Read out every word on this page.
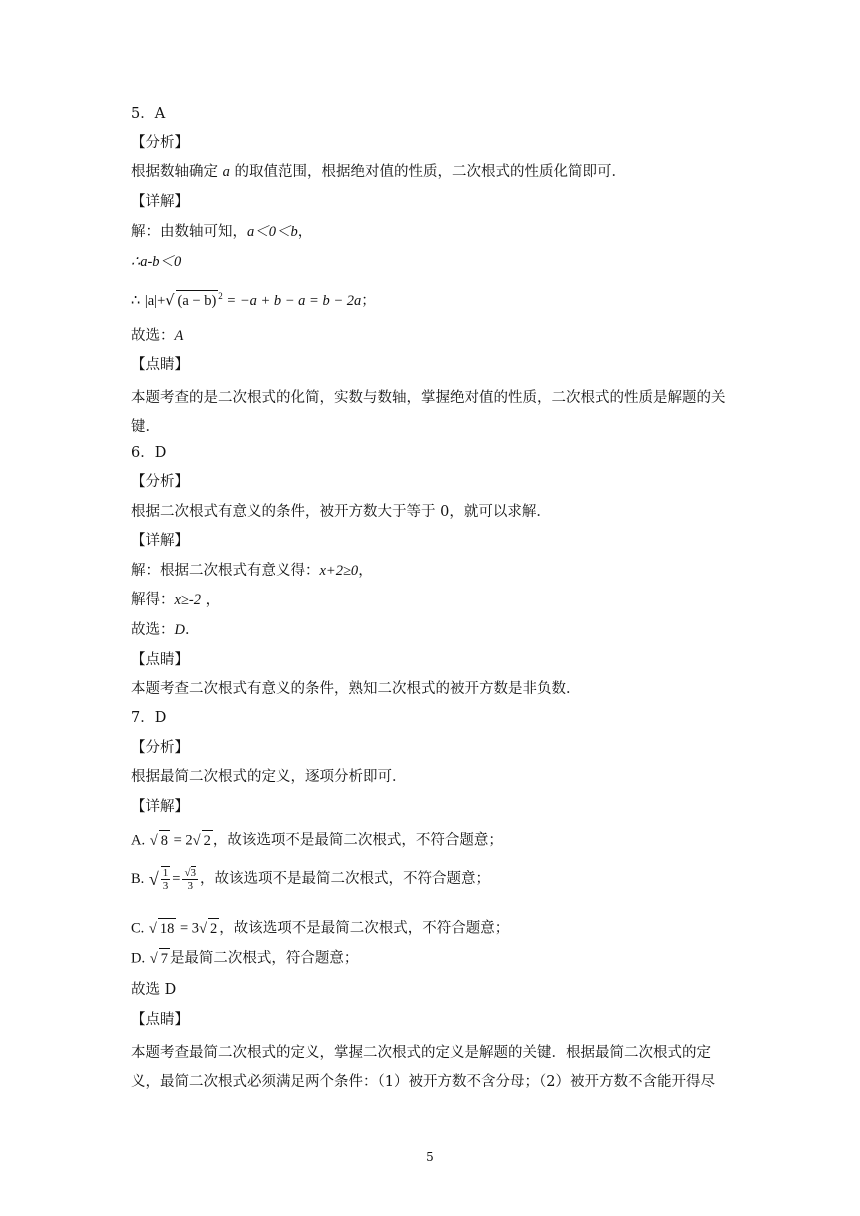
5．A
【分析】
根据数轴确定 a 的取值范围，根据绝对值的性质，二次根式的性质化简即可．
【详解】
解：由数轴可知，a＜0＜b，
∴a-b＜0
∴ |a|+√ (a − b) $^2$ = −a + b − a = b − 2a；
故选：A
【点睛】
本题考查的是二次根式的化简，实数与数轴，掌握绝对值的性质，二次根式的性质是解题的关键．
6．D
【分析】
根据二次根式有意义的条件，被开方数大于等于 0，就可以求解．
【详解】
解：根据二次根式有意义得：x+2≥0，
解得：x≥-2 ，
故选：D．
【点睛】
本题考查二次根式有意义的条件，熟知二次根式的被开方数是非负数．
7．D
【分析】
根据最简二次根式的定义，逐项分析即可．
【详解】
A. √ 8 = 2√ 2 ，故该选项不是最简二次根式，不符合题意；
B. √ $\frac{1}{3} = \frac{√3}{3}$ ，故该选项不是最简二次根式，不符合题意；
C. √ 18 = 3√ 2 ，故该选项不是最简二次根式，不符合题意；
D. √ 7 是最简二次根式，符合题意；
故选 D
【点睛】
本题考查最简二次根式的定义，掌握二次根式的定义是解题的关键．根据最简二次根式的定义，最简二次根式必须满足两个条件：（1）被开方数不含分母；（2）被开方数不含能开得尽
5
